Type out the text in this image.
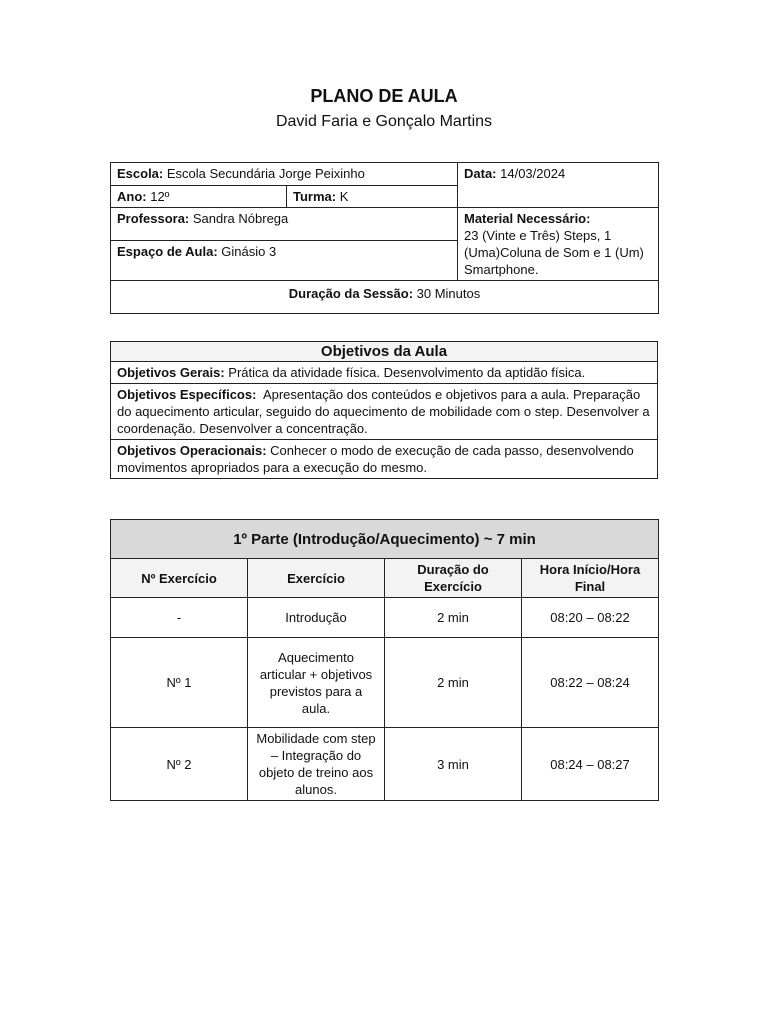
PLANO DE AULA
David Faria e Gonçalo Martins
Escola: Escola Secundária Jorge Peixinho		Data: 14/03/2024
Ano: 12º	Turma: K	
Professora: Sandra Nóbrega		Material Necessário:
23 (Vinte e Três) Steps, 1 (Uma)Coluna de Som e 1 (Um) Smartphone.

Espaço de Aula: Ginásio 3		
Duração da Sessão: 30 Minutos		
Objetivos da Aula
Objetivos Gerais: Prática da atividade física. Desenvolvimento da aptidão física.
Objetivos Específicos:  Apresentação dos conteúdos e objetivos para a aula. Preparação do aquecimento articular, seguido do aquecimento de mobilidade com o step. Desenvolver a coordenação. Desenvolver a concentração.
Objetivos Operacionais: Conhecer o modo de execução de cada passo, desenvolvendo movimentos apropriados para a execução do mesmo.
1º Parte (Introdução/Aquecimento) ~ 7 min			
Nº Exercício	Exercício	Duração do Exercício	Hora Início/Hora Final
-	Introdução	2 min	08:20 – 08:22
Nº 1	Aquecimento articular + objetivos previstos para a aula.	2 min	08:22 – 08:24
Nº 2	Mobilidade com step – Integração do objeto de treino aos alunos.	3 min	08:24 – 08:27
